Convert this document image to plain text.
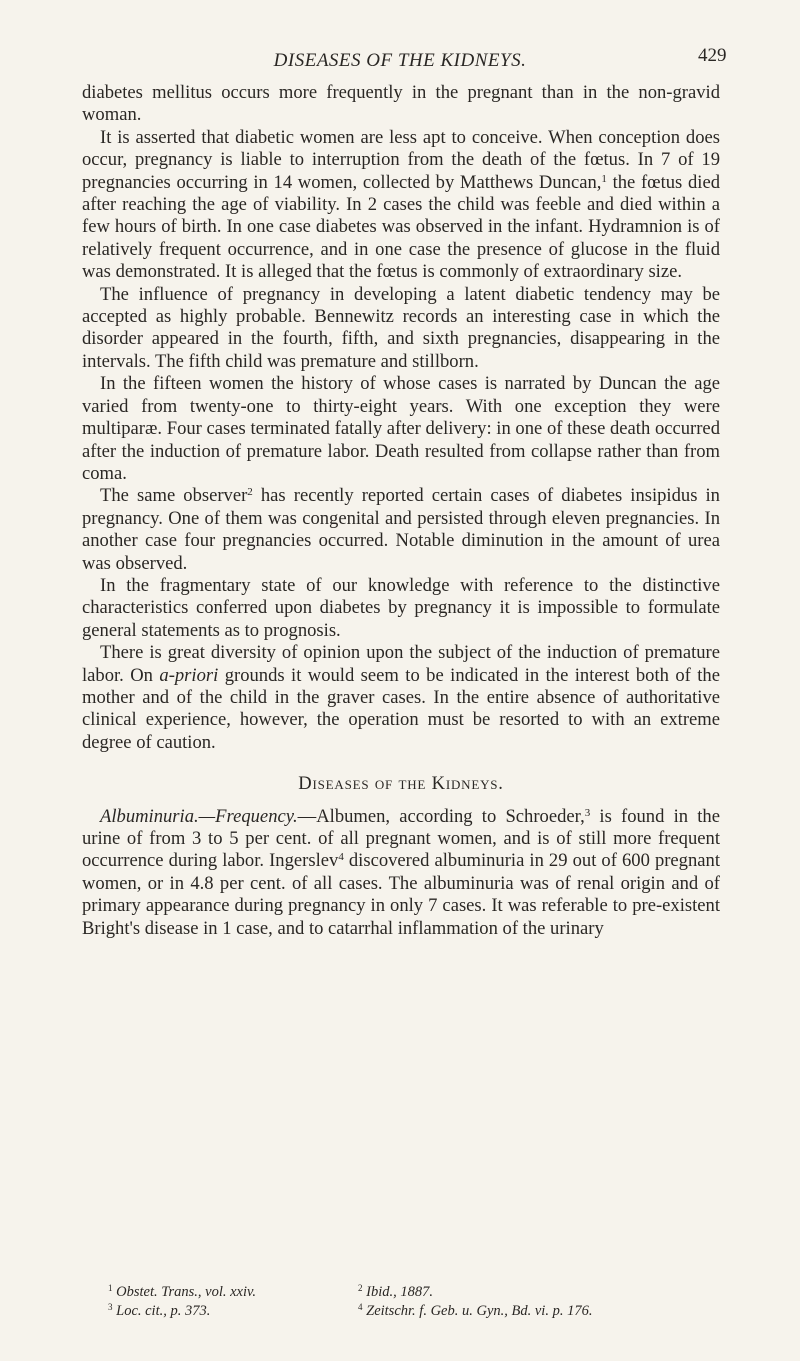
DISEASES OF THE KIDNEYS.	429

diabetes mellitus occurs more frequently in the pregnant than in the non-gravid woman.

It is asserted that diabetic women are less apt to conceive. When conception does occur, pregnancy is liable to interruption from the death of the fœtus. In 7 of 19 pregnancies occurring in 14 women, collected by Matthews Duncan,$^1$ the fœtus died after reaching the age of viability. In 2 cases the child was feeble and died within a few hours of birth. In one case diabetes was observed in the infant. Hydramnion is of relatively frequent occurrence, and in one case the presence of glucose in the fluid was demonstrated. It is alleged that the fœtus is commonly of extraordinary size.

The influence of pregnancy in developing a latent diabetic tendency may be accepted as highly probable. Bennewitz records an interesting case in which the disorder appeared in the fourth, fifth, and sixth pregnancies, disappearing in the intervals. The fifth child was premature and stillborn.

In the fifteen women the history of whose cases is narrated by Duncan the age varied from twenty-one to thirty-eight years. With one exception they were multiparæ. Four cases terminated fatally after delivery: in one of these death occurred after the induction of premature labor. Death resulted from collapse rather than from coma.

The same observer$^2$ has recently reported certain cases of diabetes insipidus in pregnancy. One of them was congenital and persisted through eleven pregnancies. In another case four pregnancies occurred. Notable diminution in the amount of urea was observed.

In the fragmentary state of our knowledge with reference to the distinctive characteristics conferred upon diabetes by pregnancy it is impossible to formulate general statements as to prognosis.

There is great diversity of opinion upon the subject of the induction of premature labor. On a-priori grounds it would seem to be indicated in the interest both of the mother and of the child in the graver cases. In the entire absence of authoritative clinical experience, however, the operation must be resorted to with an extreme degree of caution.

Diseases of the Kidneys.

Albuminuria.—Frequency.—Albumen, according to Schroeder,$^3$ is found in the urine of from 3 to 5 per cent. of all pregnant women, and is of still more frequent occurrence during labor. Ingerslev$^4$ discovered albuminuria in 29 out of 600 pregnant women, or in 4.8 per cent. of all cases. The albuminuria was of renal origin and of primary appearance during pregnancy in only 7 cases. It was referable to pre-existent Bright's disease in 1 case, and to catarrhal inflammation of the urinary

$^1$ Obstet. Trans., vol. xxiv.	$^2$ Ibid., 1887.
$^3$ Loc. cit., p. 373.	$^4$ Zeitschr. f. Geb. u. Gyn., Bd. vi. p. 176.
